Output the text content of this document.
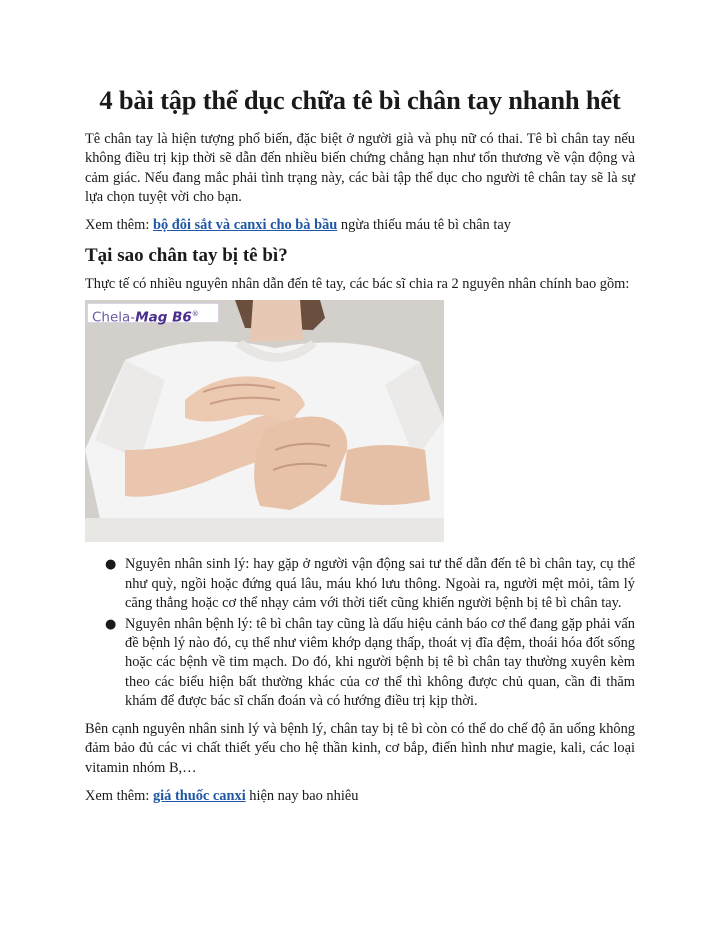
4 bài tập thể dục chữa tê bì chân tay nhanh hết

Tê chân tay là hiện tượng phổ biến, đặc biệt ở người già và phụ nữ có thai. Tê bì chân tay nếu không điều trị kịp thời sẽ dẫn đến nhiều biến chứng chẳng hạn như tổn thương về vận động và cảm giác. Nếu đang mắc phải tình trạng này, các bài tập thể dục cho người tê chân tay sẽ là sự lựa chọn tuyệt vời cho bạn.

Xem thêm: bộ đôi sắt và canxi cho bà bầu ngừa thiếu máu tê bì chân tay

Tại sao chân tay bị tê bì?

Thực tế có nhiều nguyên nhân dẫn đến tê tay, các bác sĩ chia ra 2 nguyên nhân chính bao gồm:

Chela-Mag B6®
● Nguyên nhân sinh lý: hay gặp ở người vận động sai tư thế dẫn đến tê bì chân tay, cụ thể như quỳ, ngồi hoặc đứng quá lâu, máu khó lưu thông. Ngoài ra, người mệt mỏi, tâm lý căng thẳng hoặc cơ thể nhạy cảm với thời tiết cũng khiến người bệnh bị tê bì chân tay.
● Nguyên nhân bệnh lý: tê bì chân tay cũng là dấu hiệu cảnh báo cơ thể đang gặp phải vấn đề bệnh lý nào đó, cụ thể như viêm khớp dạng thấp, thoát vị đĩa đệm, thoái hóa đốt sống hoặc các bệnh về tim mạch. Do đó, khi người bệnh bị tê bì chân tay thường xuyên kèm theo các biểu hiện bất thường khác của cơ thể thì không được chủ quan, cần đi thăm khám để được bác sĩ chẩn đoán và có hướng điều trị kịp thời.

Bên cạnh nguyên nhân sinh lý và bệnh lý, chân tay bị tê bì còn có thể do chế độ ăn uống không đảm bảo đủ các vi chất thiết yếu cho hệ thần kinh, cơ bắp, điển hình như magie, kali, các loại vitamin nhóm B,…

Xem thêm: giá thuốc canxi hiện nay bao nhiêu
